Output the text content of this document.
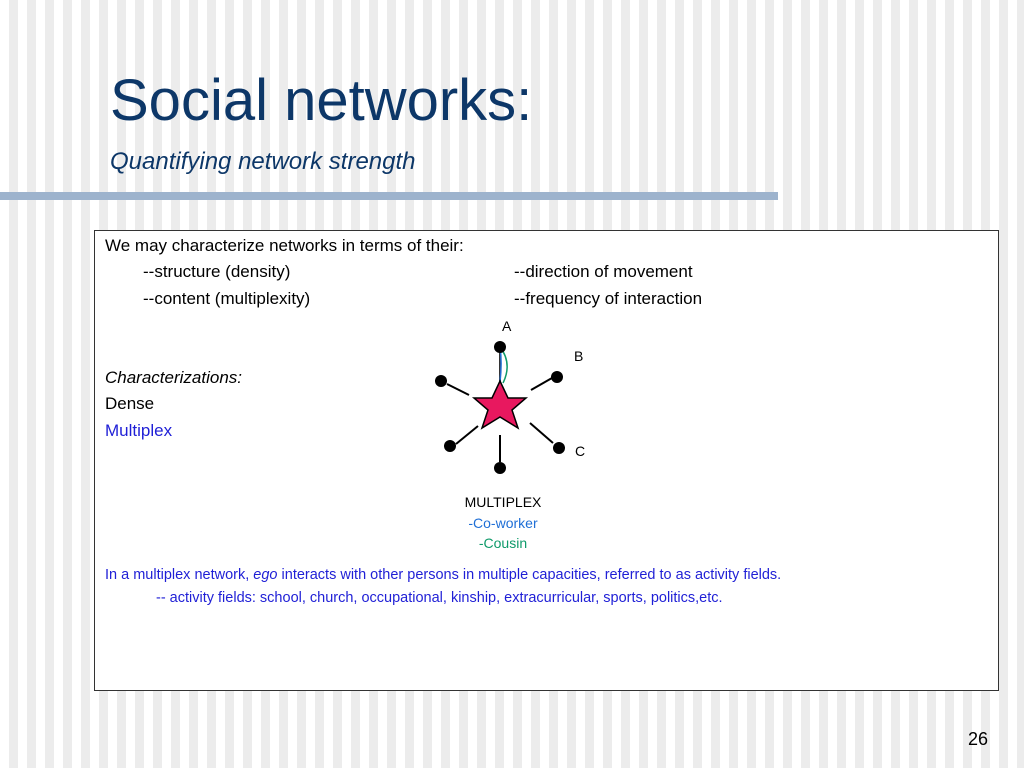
Social networks:
Quantifying network strength
We may characterize networks in terms of their:
--structure (density)	--direction of movement
--content (multiplexity)	--frequency of interaction
Characterizations:
Dense
Multiplex
A
B
C
MULTIPLEX
-Co-worker
-Cousin
In a multiplex network, ego interacts with other persons in multiple capacities, referred to as activity fields.
-- activity fields: school, church, occupational, kinship, extracurricular, sports, politics,etc.
26
